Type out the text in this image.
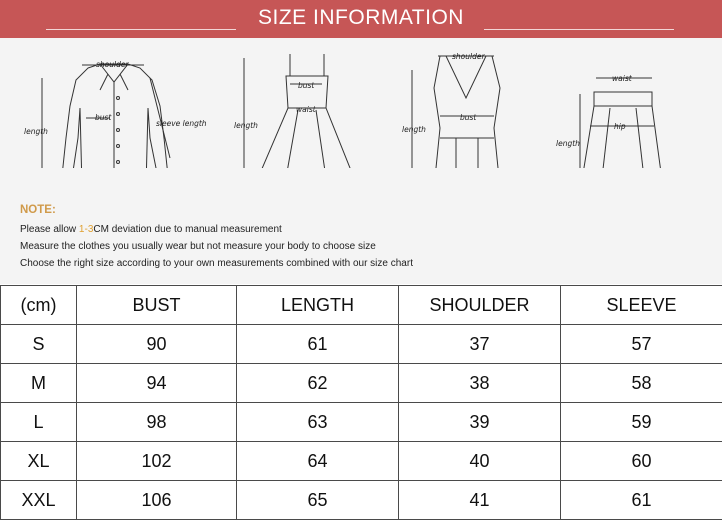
SIZE INFORMATION
shoulder
bust
length
sleeve length
bust
waist
length
shoulder
bust
length
waist
hip
length
NOTE:
Please allow 1-3CM deviation due to manual measurement
Measure the clothes you usually wear but not measure your body to choose size
Choose the right size according to your own measurements combined with our size chart
(cm)	BUST	LENGTH	SHOULDER	SLEEVE
S	90	61	37	57
M	94	62	38	58
L	98	63	39	59
XL	102	64	40	60
XXL	106	65	41	61
